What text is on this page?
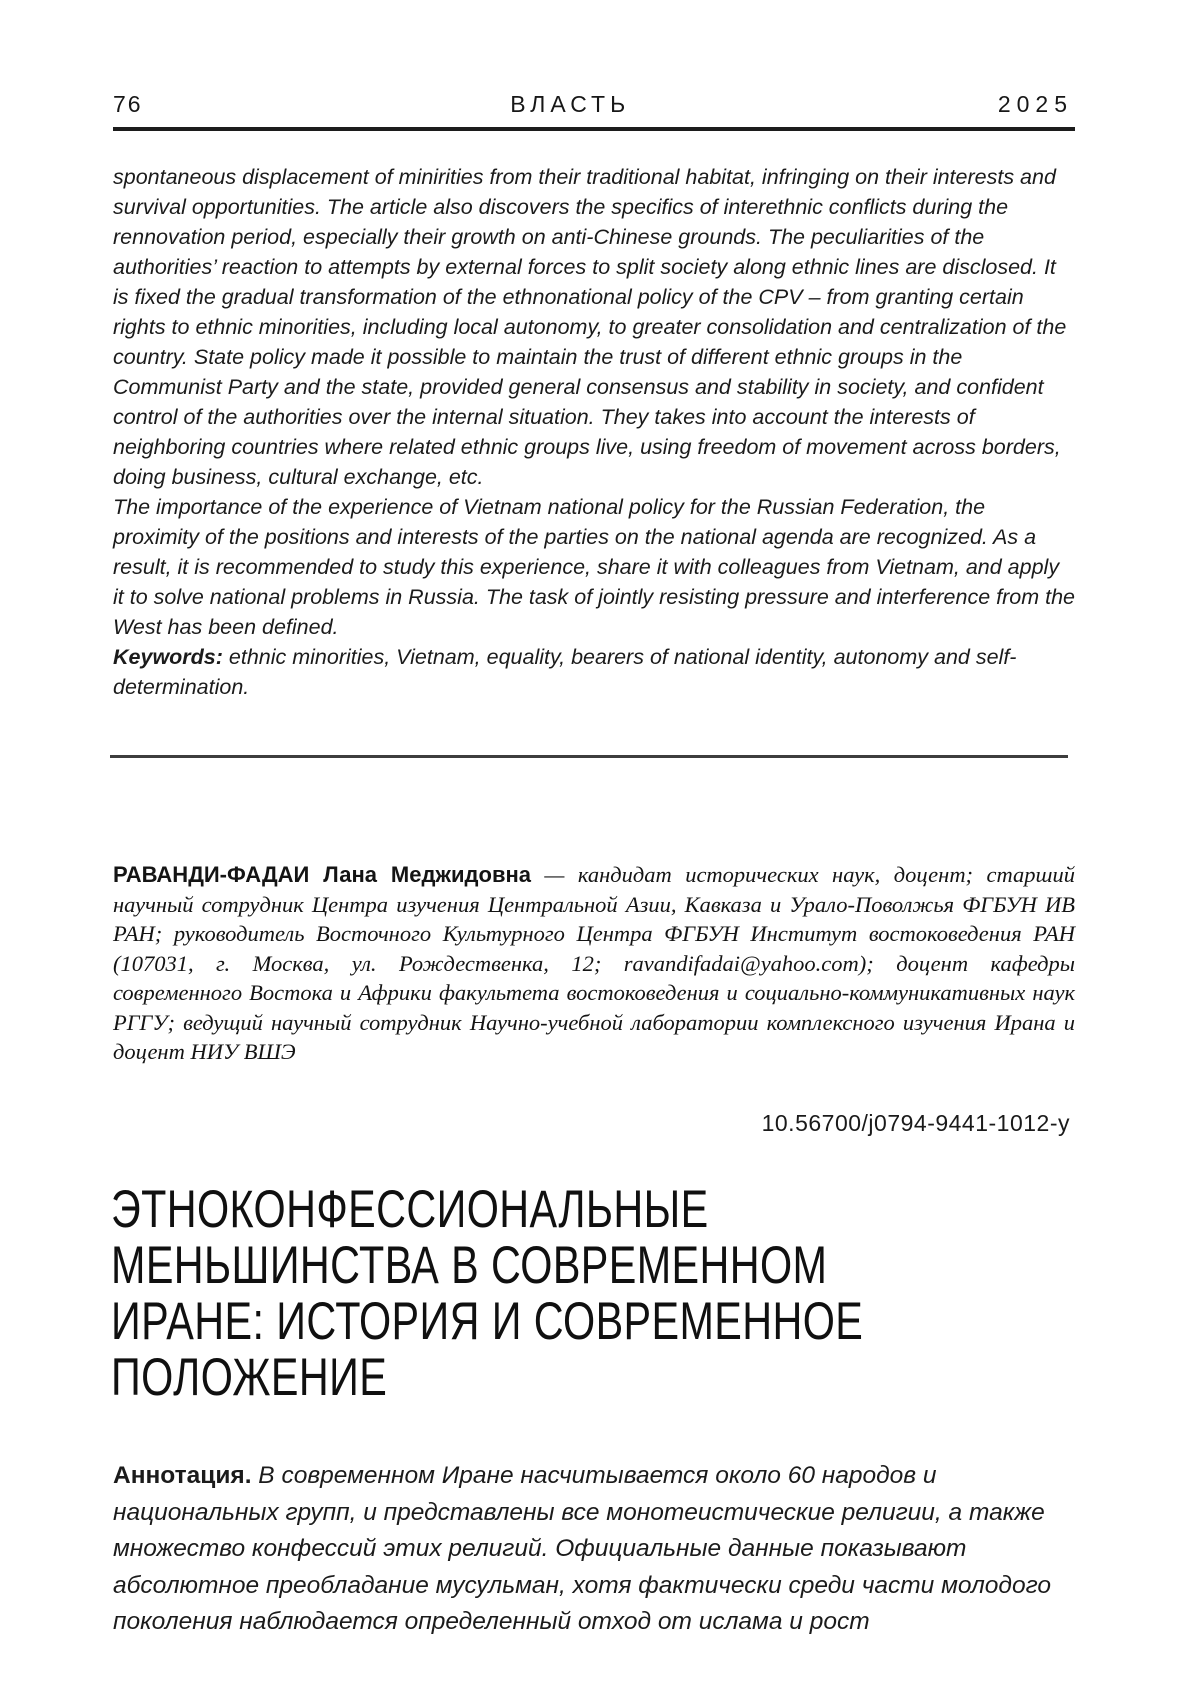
76	ВЛАСТЬ	2025

spontaneous displacement of minirities from their traditional habitat, infringing on their interests and survival opportunities. The article also discovers the specifics of interethnic conflicts during the rennovation period, especially their growth on anti-Chinese grounds. The peculiarities of the authorities’ reaction to attempts by external forces to split society along ethnic lines are disclosed. It is fixed the gradual transformation of the ethnonational policy of the CPV – from granting certain rights to ethnic minorities, including local autonomy, to greater consolidation and centralization of the country. State policy made it possible to maintain the trust of different ethnic groups in the Communist Party and the state, provided general consensus and stability in society, and confident control of the authorities over the internal situation. They takes into account the interests of neighboring countries where related ethnic groups live, using freedom of movement across borders, doing business, cultural exchange, etc.

The importance of the experience of Vietnam national policy for the Russian Federation, the proximity of the positions and interests of the parties on the national agenda are recognized. As a result, it is recommended to study this experience, share it with colleagues from Vietnam, and apply it to solve national problems in Russia. The task of jointly resisting pressure and interference from the West has been defined.

Keywords: ethnic minorities, Vietnam, equality, bearers of national identity, autonomy and self-determination.

РАВАНДИ-ФАДАИ Лана Меджидовна — кандидат исторических наук, доцент; старший научный сотрудник Центра изучения Центральной Азии, Кавказа и Урало-Поволжья ФГБУН ИВ РАН; руководитель Восточного Культурного Центра ФГБУН Институт востоковедения РАН (107031, г. Москва, ул. Рождественка, 12; ravandifadai@yahoo.com); доцент кафедры современного Востока и Африки факультета востоковедения и социально-коммуникативных наук РГГУ; ведущий научный сотрудник Научно-учебной лаборатории комплексного изучения Ирана и доцент НИУ ВШЭ
10.56700/j0794-9441-1012-y
ЭТНОКОНФЕССИОНАЛЬНЫЕ
МЕНЬШИНСТВА В СОВРЕМЕННОМ
ИРАНЕ: ИСТОРИЯ И СОВРЕМЕННОЕ
ПОЛОЖЕНИЕ
Аннотация. В современном Иране насчитывается около 60 народов и национальных групп, и представлены все монотеистические религии, а также множество конфессий этих религий. Официальные данные показывают абсолютное преобладание мусульман, хотя фактически среди части молодого поколения наблюдается определенный отход от ислама и рост
